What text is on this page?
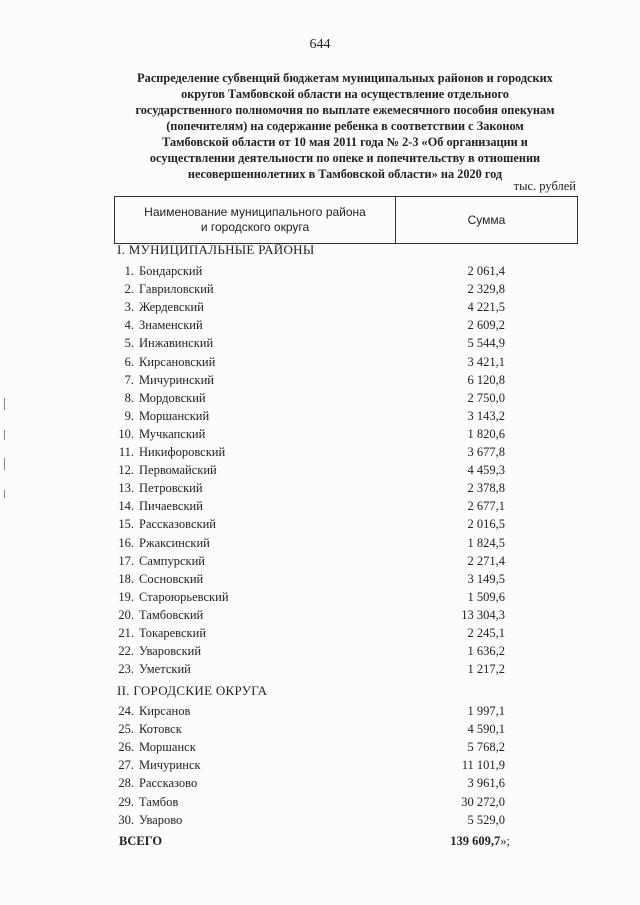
644
Распределение субвенций бюджетам муниципальных районов и городских
округов Тамбовской области на осуществление отдельного
государственного полномочия по выплате ежемесячного пособия опекунам
(попечителям) на содержание ребенка в соответствии с Законом
Тамбовской области от 10 мая 2011 года № 2-3 «Об организации и
осуществлении деятельности по опеке и попечительству в отношении
несовершеннолетних в Тамбовской области» на 2020 год
тыс. рублей
Наименование муниципального района
и городского округа	Сумма
I. МУНИЦИПАЛЬНЫЕ РАЙОНЫ
1. Бондарский	2 061,4
2. Гавриловский	2 329,8
3. Жердевский	4 221,5
4. Знаменский	2 609,2
5. Инжавинский	5 544,9
6. Кирсановский	3 421,1
7. Мичуринский	6 120,8
8. Мордовский	2 750,0
9. Моршанский	3 143,2
10. Мучкапский	1 820,6
11. Никифоровский	3 677,8
12. Первомайский	4 459,3
13. Петровский	2 378,8
14. Пичаевский	2 677,1
15. Рассказовский	2 016,5
16. Ржаксинский	1 824,5
17. Сампурский	2 271,4
18. Сосновский	3 149,5
19. Староюрьевский	1 509,6
20. Тамбовский	13 304,3
21. Токаревский	2 245,1
22. Уваровский	1 636,2
23. Уметский	1 217,2
II. ГОРОДСКИЕ ОКРУГА
24. Кирсанов	1 997,1
25. Котовск	4 590,1
26. Моршанск	5 768,2
27. Мичуринск	11 101,9
28. Рассказово	3 961,6
29. Тамбов	30 272,0
30. Уварово	5 529,0
ВСЕГО	139 609,7»;
